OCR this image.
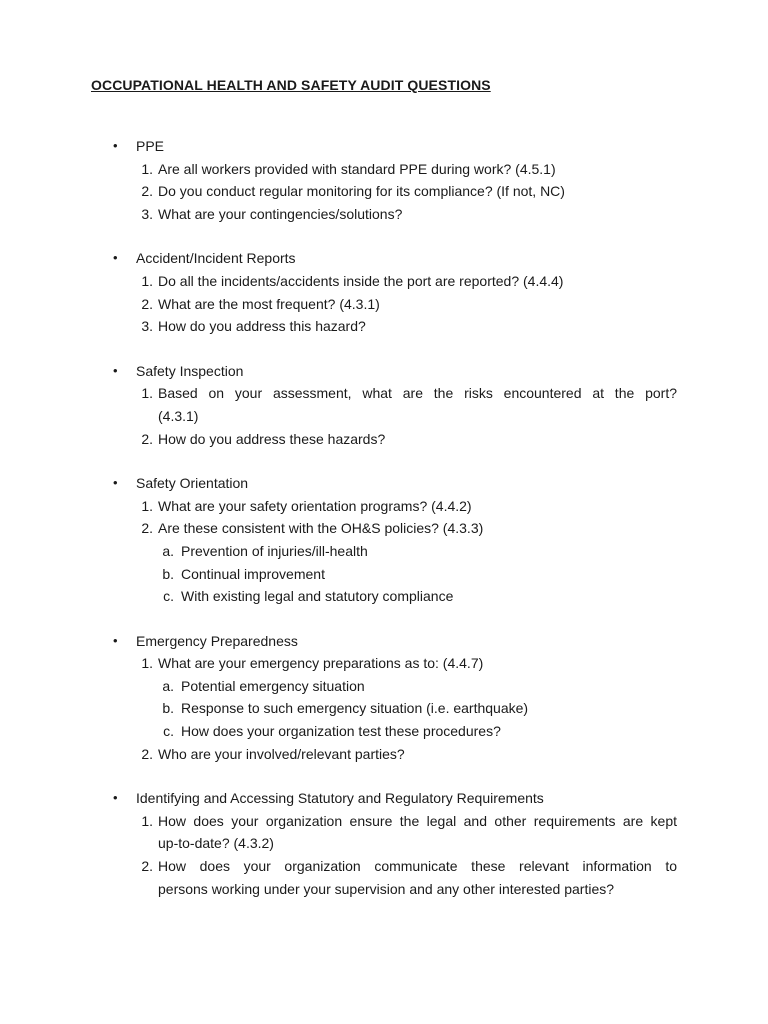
OCCUPATIONAL HEALTH AND SAFETY AUDIT QUESTIONS
• PPE
1. Are all workers provided with standard PPE during work? (4.5.1)
2. Do you conduct regular monitoring for its compliance? (If not, NC)
3. What are your contingencies/solutions?
• Accident/Incident Reports
1. Do all the incidents/accidents inside the port are reported? (4.4.4)
2. What are the most frequent? (4.3.1)
3. How do you address this hazard?
• Safety Inspection
1. Based on your assessment, what are the risks encountered at the port?
(4.3.1)
2. How do you address these hazards?
• Safety Orientation
1. What are your safety orientation programs? (4.4.2)
2. Are these consistent with the OH&S policies? (4.3.3)
a. Prevention of injuries/ill-health
b. Continual improvement
c. With existing legal and statutory compliance
• Emergency Preparedness
1. What are your emergency preparations as to: (4.4.7)
a. Potential emergency situation
b. Response to such emergency situation (i.e. earthquake)
c. How does your organization test these procedures?
2. Who are your involved/relevant parties?
• Identifying and Accessing Statutory and Regulatory Requirements
1. How does your organization ensure the legal and other requirements are kept
up-to-date? (4.3.2)
2. How does your organization communicate these relevant information to
persons working under your supervision and any other interested parties?
